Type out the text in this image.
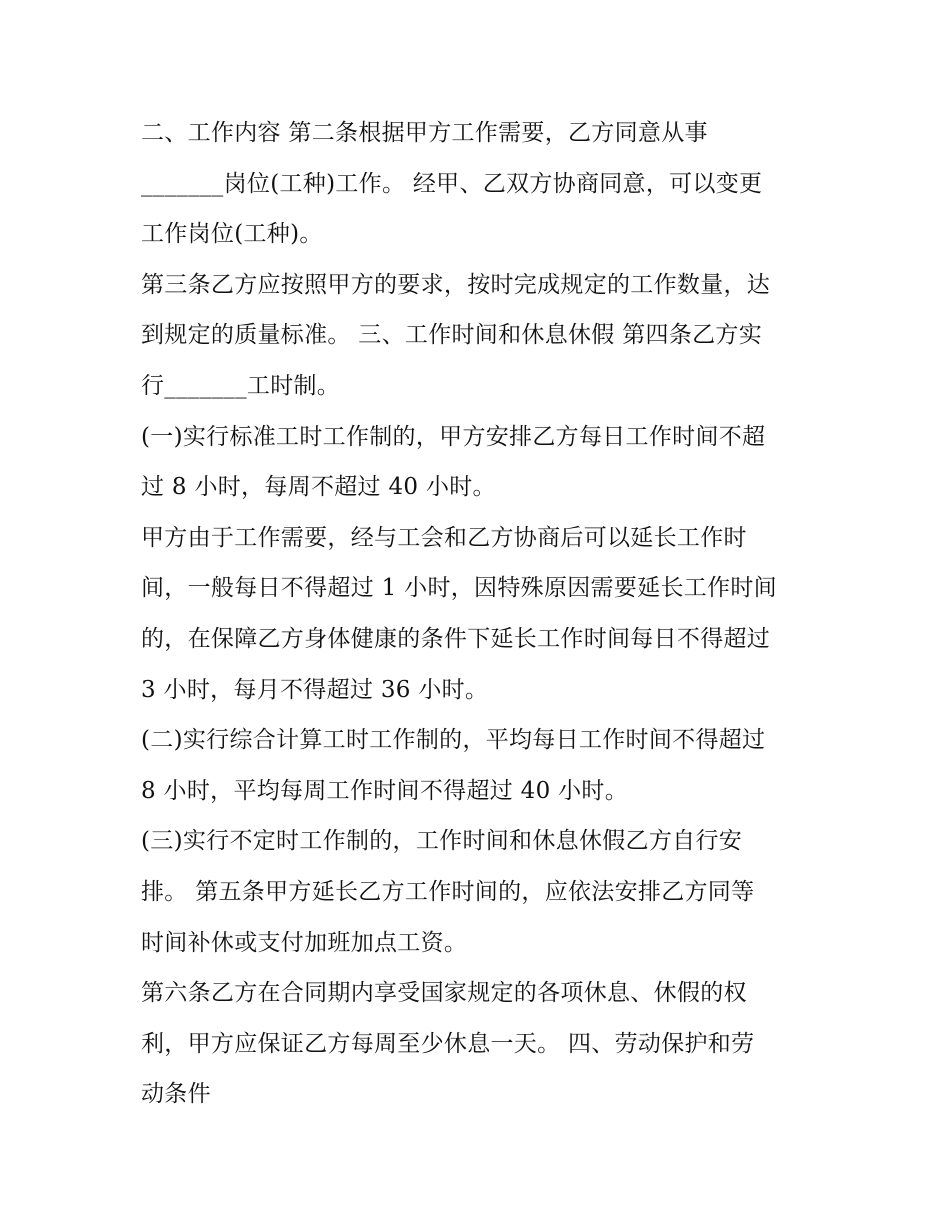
二、工作内容 第二条根据甲方工作需要，乙方同意从事
_______岗位(工种)工作。 经甲、乙双方协商同意，可以变更
工作岗位(工种)。

第三条乙方应按照甲方的要求，按时完成规定的工作数量，达
到规定的质量标准。 三、工作时间和休息休假 第四条乙方实
行_______工时制。

(一)实行标准工时工作制的，甲方安排乙方每日工作时间不超
过 8 小时，每周不超过 40 小时。

甲方由于工作需要，经与工会和乙方协商后可以延长工作时
间，一般每日不得超过 1 小时，因特殊原因需要延长工作时间
的，在保障乙方身体健康的条件下延长工作时间每日不得超过
3 小时，每月不得超过 36 小时。

(二)实行综合计算工时工作制的，平均每日工作时间不得超过
8 小时，平均每周工作时间不得超过 40 小时。

(三)实行不定时工作制的，工作时间和休息休假乙方自行安
排。 第五条甲方延长乙方工作时间的，应依法安排乙方同等
时间补休或支付加班加点工资。

第六条乙方在合同期内享受国家规定的各项休息、休假的权
利，甲方应保证乙方每周至少休息一天。 四、劳动保护和劳
动条件
